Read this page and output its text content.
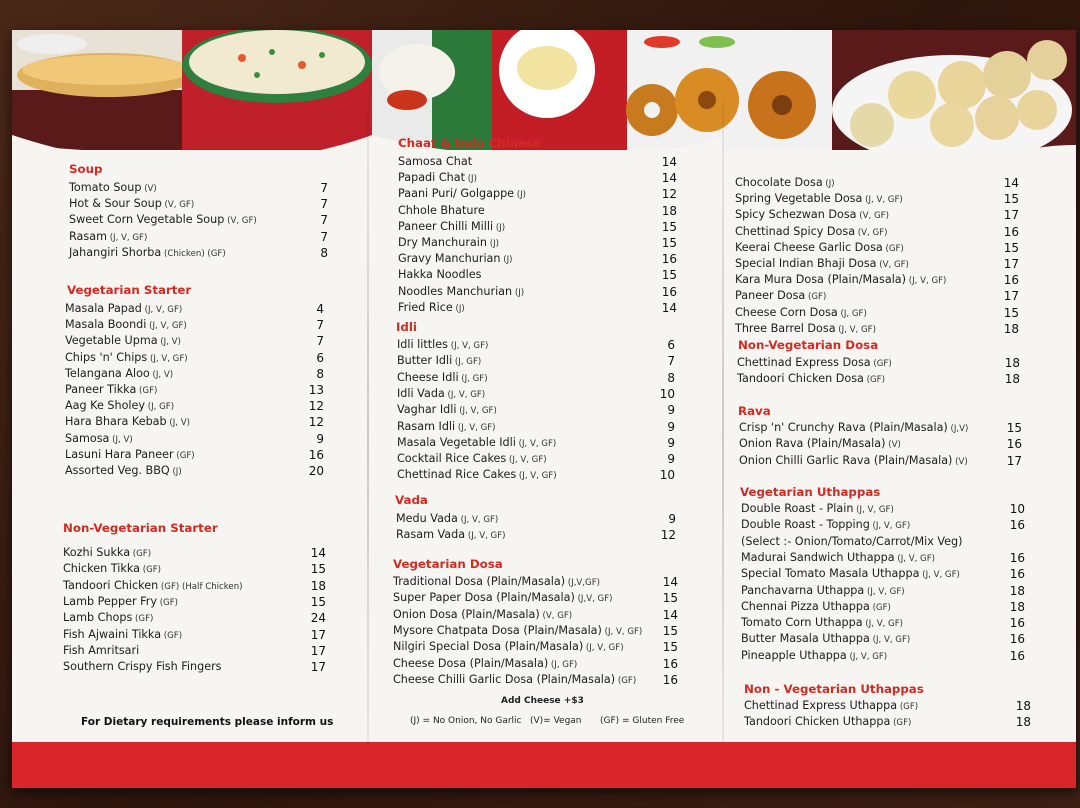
Soup
Tomato Soup (V)	7
Hot & Sour Soup (V, GF)	7
Sweet Corn Vegetable Soup (V, GF)	7
Rasam (J, V, GF)	7
Jahangiri Shorba (Chicken) (GF)	8
Vegetarian Starter
Masala Papad (J, V, GF)	4
Masala Boondi (J, V, GF)	7
Vegetable Upma (J, V)	7
Chips 'n' Chips (J, V, GF)	6
Telangana Aloo (J, V)	8
Paneer Tikka (GF)	13
Aag Ke Sholey (J, GF)	12
Hara Bhara Kebab (J, V)	12
Samosa (J, V)	9
Lasuni Hara Paneer (GF)	16
Assorted Veg. BBQ (J)	20
Non-Vegetarian Starter
Kozhi Sukka (GF)	14
Chicken Tikka (GF)	15
Tandoori Chicken (GF) (Half Chicken)	18
Lamb Pepper Fry (GF)	15
Lamb Chops (GF)	24
Fish Ajwaini Tikka (GF)	17
Fish Amritsari	17
Southern Crispy Fish Fingers	17
For Dietary requirements please inform us
Chaat & Indo Chinese
Samosa Chat	14
Papadi Chat (J)	14
Paani Puri/ Golgappe (J)	12
Chhole Bhature	18
Paneer Chilli Milli (J)	15
Dry Manchurain (J)	15
Gravy Manchurian (J)	16
Hakka Noodles	15
Noodles Manchurian (J)	16
Fried Rice (J)	14
Idli
Idli littles (J, V, GF)	6
Butter Idli (J, GF)	7
Cheese Idli (J, GF)	8
Idli Vada (J, V, GF)	10
Vaghar Idli (J, V, GF)	9
Rasam Idli (J, V, GF)	9
Masala Vegetable Idli (J, V, GF)	9
Cocktail Rice Cakes (J, V, GF)	9
Chettinad Rice Cakes (J, V, GF)	10
Vada
Medu Vada (J, V, GF)	9
Rasam Vada (J, V, GF)	12
Vegetarian Dosa
Traditional Dosa (Plain/Masala) (J,V,GF)	14
Super Paper Dosa (Plain/Masala) (J,V, GF)	15
Onion Dosa (Plain/Masala) (V, GF)	14
Mysore Chatpata Dosa (Plain/Masala) (J, V, GF)	15
Nilgiri Special Dosa (Plain/Masala) (J, V, GF)	15
Cheese Dosa (Plain/Masala) (J, GF)	16
Cheese Chilli Garlic Dosa (Plain/Masala) (GF)	16
Add Cheese +$3
(J) = No Onion, No Garlic (V)= Vegan (GF) = Gluten Free
Chocolate Dosa (J)	14
Spring Vegetable Dosa (J, V, GF)	15
Spicy Schezwan Dosa (V, GF)	17
Chettinad Spicy Dosa (V, GF)	16
Keerai Cheese Garlic Dosa (GF)	15
Special Indian Bhaji Dosa (V, GF)	17
Kara Mura Dosa (Plain/Masala) (J, V, GF)	16
Paneer Dosa (GF)	17
Cheese Corn Dosa (J, GF)	15
Three Barrel Dosa (J, V, GF)	18
Non-Vegetarian Dosa
Chettinad Express Dosa (GF)	18
Tandoori Chicken Dosa (GF)	18
Rava
Crisp 'n' Crunchy Rava (Plain/Masala) (J,V)	15
Onion Rava (Plain/Masala) (V)	16
Onion Chilli Garlic Rava (Plain/Masala) (V)	17
Vegetarian Uthappas
Double Roast - Plain (J, V, GF)	10
Double Roast - Topping (J, V, GF)	16
(Select :- Onion/Tomato/Carrot/Mix Veg)
Madurai Sandwich Uthappa (J, V, GF)	16
Special Tomato Masala Uthappa (J, V, GF)	16
Panchavarna Uthappa (J, V, GF)	18
Chennai Pizza Uthappa (GF)	18
Tomato Corn Uthappa (J, V, GF)	16
Butter Masala Uthappa (J, V, GF)	16
Pineapple Uthappa (J, V, GF)	16
Non - Vegetarian Uthappas
Chettinad Express Uthappa (GF)	18
Tandoori Chicken Uthappa (GF)	18
